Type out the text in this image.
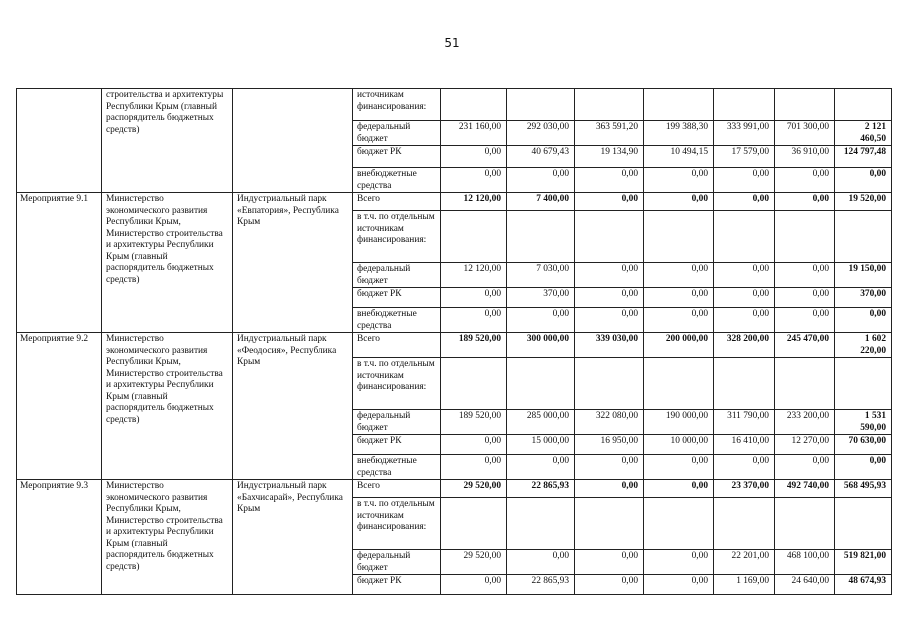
51
	строительства и архитектуры Республики Крым (главный распорядитель бюджетных средств)		источникам финансирования:							
			федеральный бюджет	231 160,00	292 030,00	363 591,20	199 388,30	333 991,00	701 300,00	2 121 460,50
			бюджет РК	0,00	40 679,43	19 134,90	10 494,15	17 579,00	36 910,00	124 797,48
			внебюджетные средства	0,00	0,00	0,00	0,00	0,00	0,00	0,00
Мероприятие 9.1	Министерство экономического развития Республики Крым, Министерство строительства и архитектуры Республики Крым (главный распорядитель бюджетных средств)	Индустриальный парк «Евпатория», Республика Крым	Всего	12 120,00	7 400,00	0,00	0,00	0,00	0,00	19 520,00
			в т.ч. по отдельным источникам финансирования:							
			федеральный бюджет	12 120,00	7 030,00	0,00	0,00	0,00	0,00	19 150,00
			бюджет РК	0,00	370,00	0,00	0,00	0,00	0,00	370,00
			внебюджетные средства	0,00	0,00	0,00	0,00	0,00	0,00	0,00
Мероприятие 9.2	Министерство экономического развития Республики Крым, Министерство строительства и архитектуры Республики Крым (главный распорядитель бюджетных средств)	Индустриальный парк «Феодосия», Республика Крым	Всего	189 520,00	300 000,00	339 030,00	200 000,00	328 200,00	245 470,00	1 602 220,00
			в т.ч. по отдельным источникам финансирования:							
			федеральный бюджет	189 520,00	285 000,00	322 080,00	190 000,00	311 790,00	233 200,00	1 531 590,00
			бюджет РК	0,00	15 000,00	16 950,00	10 000,00	16 410,00	12 270,00	70 630,00
			внебюджетные средства	0,00	0,00	0,00	0,00	0,00	0,00	0,00
Мероприятие 9.3	Министерство экономического развития Республики Крым, Министерство строительства и архитектуры Республики Крым (главный распорядитель бюджетных средств)	Индустриальный парк «Бахчисарай», Республика Крым	Всего	29 520,00	22 865,93	0,00	0,00	23 370,00	492 740,00	568 495,93
			в т.ч. по отдельным источникам финансирования:							
			федеральный бюджет	29 520,00	0,00	0,00	0,00	22 201,00	468 100,00	519 821,00
			бюджет РК	0,00	22 865,93	0,00	0,00	1 169,00	24 640,00	48 674,93
